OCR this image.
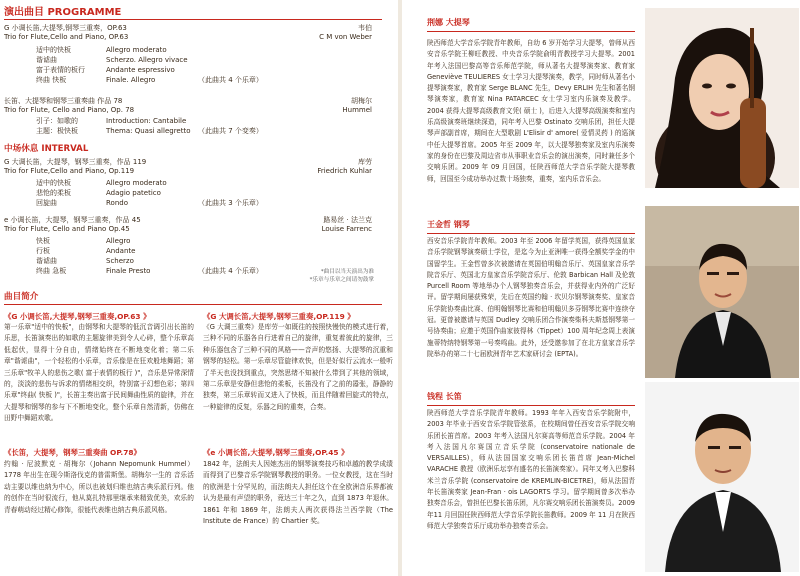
演出曲目 PROGRAMME
G 小调长笛,大提琴,钢琴三重奏，OP.63	韦伯
Trio for Flute,Cello and Piano, OP.63	C M von Weber
适中的快板	Allegro moderato
谐谑曲	Scherzo. Allegro vivace
富于表情的板行	Andante espressivo
终曲 快板	Finale. Allegro	（此曲共 4 个乐章）
长笛、大提琴和钢琴三重奏曲 作品 78	胡梅尔
Trio for Flute, Cello and Piano, Op. 78	Hummel
引子：如歌的	Introduction: Cantabile
主题：极快板	Thema: Quasi allegretto （此曲共 7 个变奏）
中场休息 INTERVAL
G 大调长笛，大提琴，钢琴三重奏，作品 119	库劳
Trio for Flute,Cello and Piano, Op.119	Friedrich Kuhlar
适中的快板	Allegro moderato
悲怆的柔板	Adagio patetico
回旋曲	Rondo	（此曲共 3 个乐章）
e 小调长笛，大提琴，钢琴三重奏，作品 45	路易丝 · 法兰克
Trio for Flute, Cello and Piano Op.45	Louise Farrenc
快板	Allegro
行板	Andante
谐谑曲	Scherzo
终曲 急板	Finale Presto	（此曲共 4 个乐章）	*曲目以当天演出为准
*乐章与乐章之间请勿鼓掌
曲目简介
《G 小调长笛,大提琴,钢琴三重奏,OP.63 》
第一乐章"适中的快板"，由钢琴和大提琴的低沉音调引出长笛的乐思，长笛演奏出的如歌的主题旋律美到令人心碎，整个乐章高低起伏，显得十分自由，情绪始终在不断地变化着；第二乐章"谐谑曲"，一个轻松的小乐章，音乐像是在狂欢般地舞蹈；第三乐章"牧羊人的悲伤之歌( 富于表情的板行 )"，音乐是异常深情的，淡淡的悲伤与诉求的情绪相交织，特别富于幻想色彩；第四乐章"终曲( 快板 )"，长笛主奏出富于民间舞曲性质的旋律，并在大提琴和钢琴的参与下不断地变化，整个乐章自然清新，仿佛在田野中舞蹈欢歌。
《G 大调长笛,大提琴,钢琴三重奏,OP.119 》
《G 大调三重奏》是库劳一如既往的按照快慢快的模式进行着，三种不同的乐器各自行进着自己的旋律，重复着彼此的旋律，三种乐器包含了三种不同的风格——音声的悠扬、大提琴的沉重和钢琴的轻松。第一乐章尽管旋律欢快，但是好似行云流水一般听了半天也没找到重点，突然思绪不知被什么带到了其他的领域，第二乐章是安静但悲怆的柔板，长笛没有了之前的嚣张，静静的独奏，第三乐章转而又进入了快板，而且伴随着回旋式的特点，一种旋律的反复，乐器之间的重奏，合奏。
《长笛，大提琴，钢琴三重奏曲 OP.78》
约翰 · 尼波默克 · 胡梅尔（Johann Nepomunk Hummel）1778 年出生在现今斯洛伐克的普雷斯堡。胡梅尔一生的 音乐活动主要以维也纳为中心，所以也被划归维也纳古典乐派行列。他的创作在当时很流行，他从莫扎特那里继承来精致优美，欢乐的青春萌动经过精心修饰，很能代表维也纳古典乐派风格。
《e 小调长笛,大提琴,钢琴三重奏,OP.45 》
1842 年，法朗夫人因她杰出的钢琴演奏技巧和卓越的教学成绩而得到了巴黎音乐学院钢琴教授的职务。一位女教授，这在当时的欧洲是十分罕见的，而法朗夫人担任这个在全欧洲音乐界都被认为是最有声望的职务，竟达三十年之久，直到 1873 年退休。1861 年和 1869 年，法朗夫人两次获得法兰西学院（The Institute de France）的 Chartier 奖。
荆娜 大提琴
陕西师范大学音乐学院青年教师，自幼 6 岁开始学习大提琴，曾师从西安音乐学院王柳旺教授、中央音乐学院俞明青教授学习大提琴。2001 年考入法国巴黎高等音乐师范学院，师从著名大提琴演奏家、教育家 Geneviève TEULIERES 女士学习大提琴演奏，教学，同时师从著名小提琴演奏家，教育家 Serge BLANC 先生，Devy ERLIH 先生和著名钢琴演奏家，教育家 Nina PATARCEC 女士学习室内乐演奏及教学。2004 获得大提琴高级教育文凭( 硕士 )，后进入大提琴高级演奏和室内乐高级演奏班继续深造，同年考入巴黎 Ostinato 交响乐团，担任大提琴声部副首席，期间在大型歌剧 L'Elisir d' amore( 爱情灵药 ) 的巡演中任大提琴首席。2005 年至 2009 年，以大提琴独奏家及室内乐演奏家的身份在巴黎及周边省市从事职业音乐会的演出演奏，同时兼任多个交响乐团。2009 年 09 月回国，任陕西师范大学音乐学院大提琴教师，回国至今成功举办过数十场独奏，重奏，室内乐音乐会。
王金哲 钢琴
西安音乐学院青年教师。2003 年至 2006 年留学英国，获得英国皇家音乐学院钢琴演奏硕士学位，是迄今为止亚洲唯一获得全额奖学金的中国留学生。王金哲曾多次被邀请在英国伯明翰音乐厅、英国皇家音乐学院音乐厅、英国北方皇家音乐学院音乐厅、伦敦 Barbican Hall 及伦敦 Purcell Room 等地举办个人钢琴独奏音乐会，并获得业内外的广泛好评。留学期间屡获殊荣，先后在英国约翰 · 坎贝尔钢琴演奏奖、皇家音乐学院协奏曲比赛、伯明翰钢琴比赛和伯明翰贝多芬钢琴比赛中连续夺冠。更曾被邀请与英国 Dudley 交响乐团合作演奏柴科夫斯基钢琴第一号协奏曲；应邀于英国作曲家彼得林（Tippet）100 周年纪念周上表演施蒂特纳特钢琴第一号奏鸣曲。此外，还受邀参加了在北方皇家音乐学院举办的第二十七届欧洲青年艺术家研讨会 (EPTA)。
钱程 长笛
陕西师范大学音乐学院青年教师。1993 年年入西安音乐学院附中，2003 年毕业于西安音乐学院管弦系，在校期间曾任西安音乐学院交响乐团长笛首席。2003 年考入法国凡尔赛高等师范音乐学院。2004 年考入法国凡尔赛国立音乐学院 (conservatoire nationale de VERSAILLES)，师从法国国家交响乐团长笛首席 Jean-Michel VARACHE 教授（欧洲乐坛享有盛名的长笛演奏家）。同年又考入巴黎科米兰音乐学院 (conservatoire de KREMLIN-BICETRE)，师从法国青年长笛演奏家 Jean-Fran · ois LAGORTS 学习。留学期间曾多次举办独奏音乐会，曾担任巴黎长笛乐团，凡尔赛交响乐团长笛演奏员。2009 年11 月回国任陕西师范大学音乐学院长笛教师。2009 年 11 月在陕西师范大学独奏音乐厅成功举办独奏音乐会。
